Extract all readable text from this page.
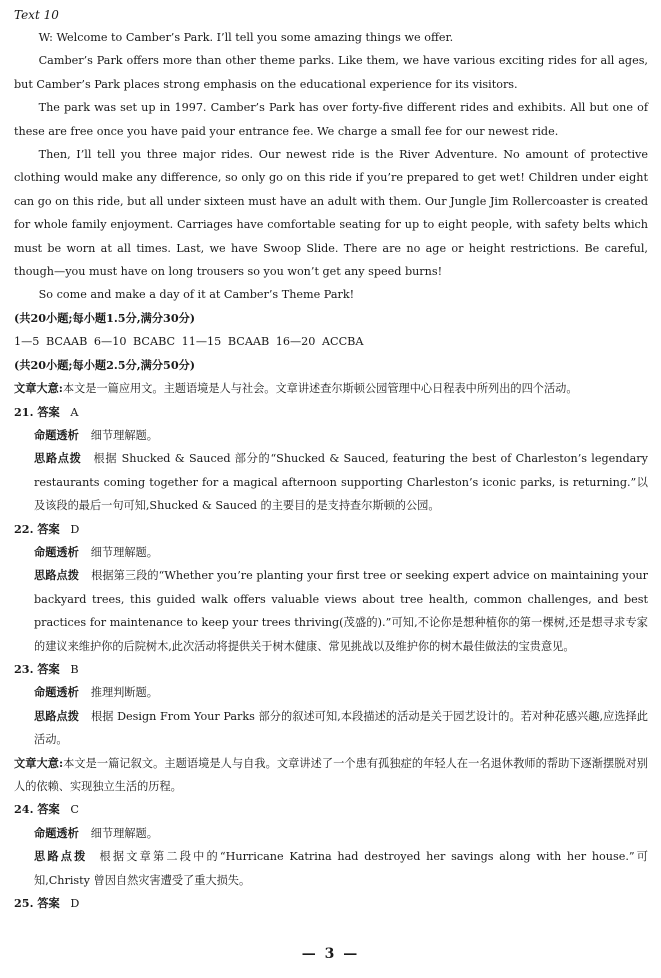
Text 10

W: Welcome to Camber’s Park. I’ll tell you some amazing things we offer.

Camber’s Park offers more than other theme parks. Like them, we have various exciting rides for all ages, but Camber’s Park places strong emphasis on the educational experience for its visitors.

The park was set up in 1997. Camber’s Park has over forty-five different rides and exhibits. All but one of these are free once you have paid your entrance fee. We charge a small fee for our newest ride.

Then, I’ll tell you three major rides. Our newest ride is the River Adventure. No amount of protective clothing would make any difference, so only go on this ride if you’re prepared to get wet! Children under eight can go on this ride, but all under sixteen must have an adult with them. Our Jungle Jim Rollercoaster is created for whole family enjoyment. Carriages have comfortable seating for up to eight people, with safety belts which must be worn at all times. Last, we have Swoop Slide. There are no age or height restrictions. Be careful, though—you must have on long trousers so you won’t get any speed burns!

So come and make a day of it at Camber’s Theme Park!

(共20小题;每小题1.5分,满分30分)

1—5 BCAAB 6—10 BCABC 11—15 BCAAB 16—20 ACCBA

(共20小题;每小题2.5分,满分50分)

文章大意:本文是一篇应用文。主题语境是人与社会。文章讲述查尔斯顿公园管理中心日程表中所列出的四个活动。

21. 答案 A

命题透析 细节理解题。

思路点拨 根据 Shucked & Sauced 部分的“Shucked & Sauced, featuring the best of Charleston’s legendary restaurants coming together for a magical afternoon supporting Charleston’s iconic parks, is returning.”以及该段的最后一句可知,Shucked & Sauced 的主要目的是支持查尔斯顿的公园。

22. 答案 D

命题透析 细节理解题。

思路点拨 根据第三段的“Whether you’re planting your first tree or seeking expert advice on maintaining your backyard trees, this guided walk offers valuable views about tree health, common challenges, and best practices for maintenance to keep your trees thriving(茂盛的).”可知,不论你是想种植你的第一棵树,还是想寻求专家的建议来维护你的后院树木,此次活动将提供关于树木健康、常见挑战以及维护你的树木最佳做法的宝贵意见。

23. 答案 B

命题透析 推理判断题。

思路点拨 根据 Design From Your Parks 部分的叙述可知,本段描述的活动是关于园艺设计的。若对种花感兴趣,应选择此活动。

文章大意:本文是一篇记叙文。主题语境是人与自我。文章讲述了一个患有孤独症的年轻人在一名退休教师的帮助下逐渐摆脱对别人的依赖、实现独立生活的历程。

24. 答案 C

命题透析 细节理解题。

思路点拨 根据文章第二段中的“Hurricane Katrina had destroyed her savings along with her house.”可知,Christy 曾因自然灾害遭受了重大损失。

25. 答案 D

— 3 —
